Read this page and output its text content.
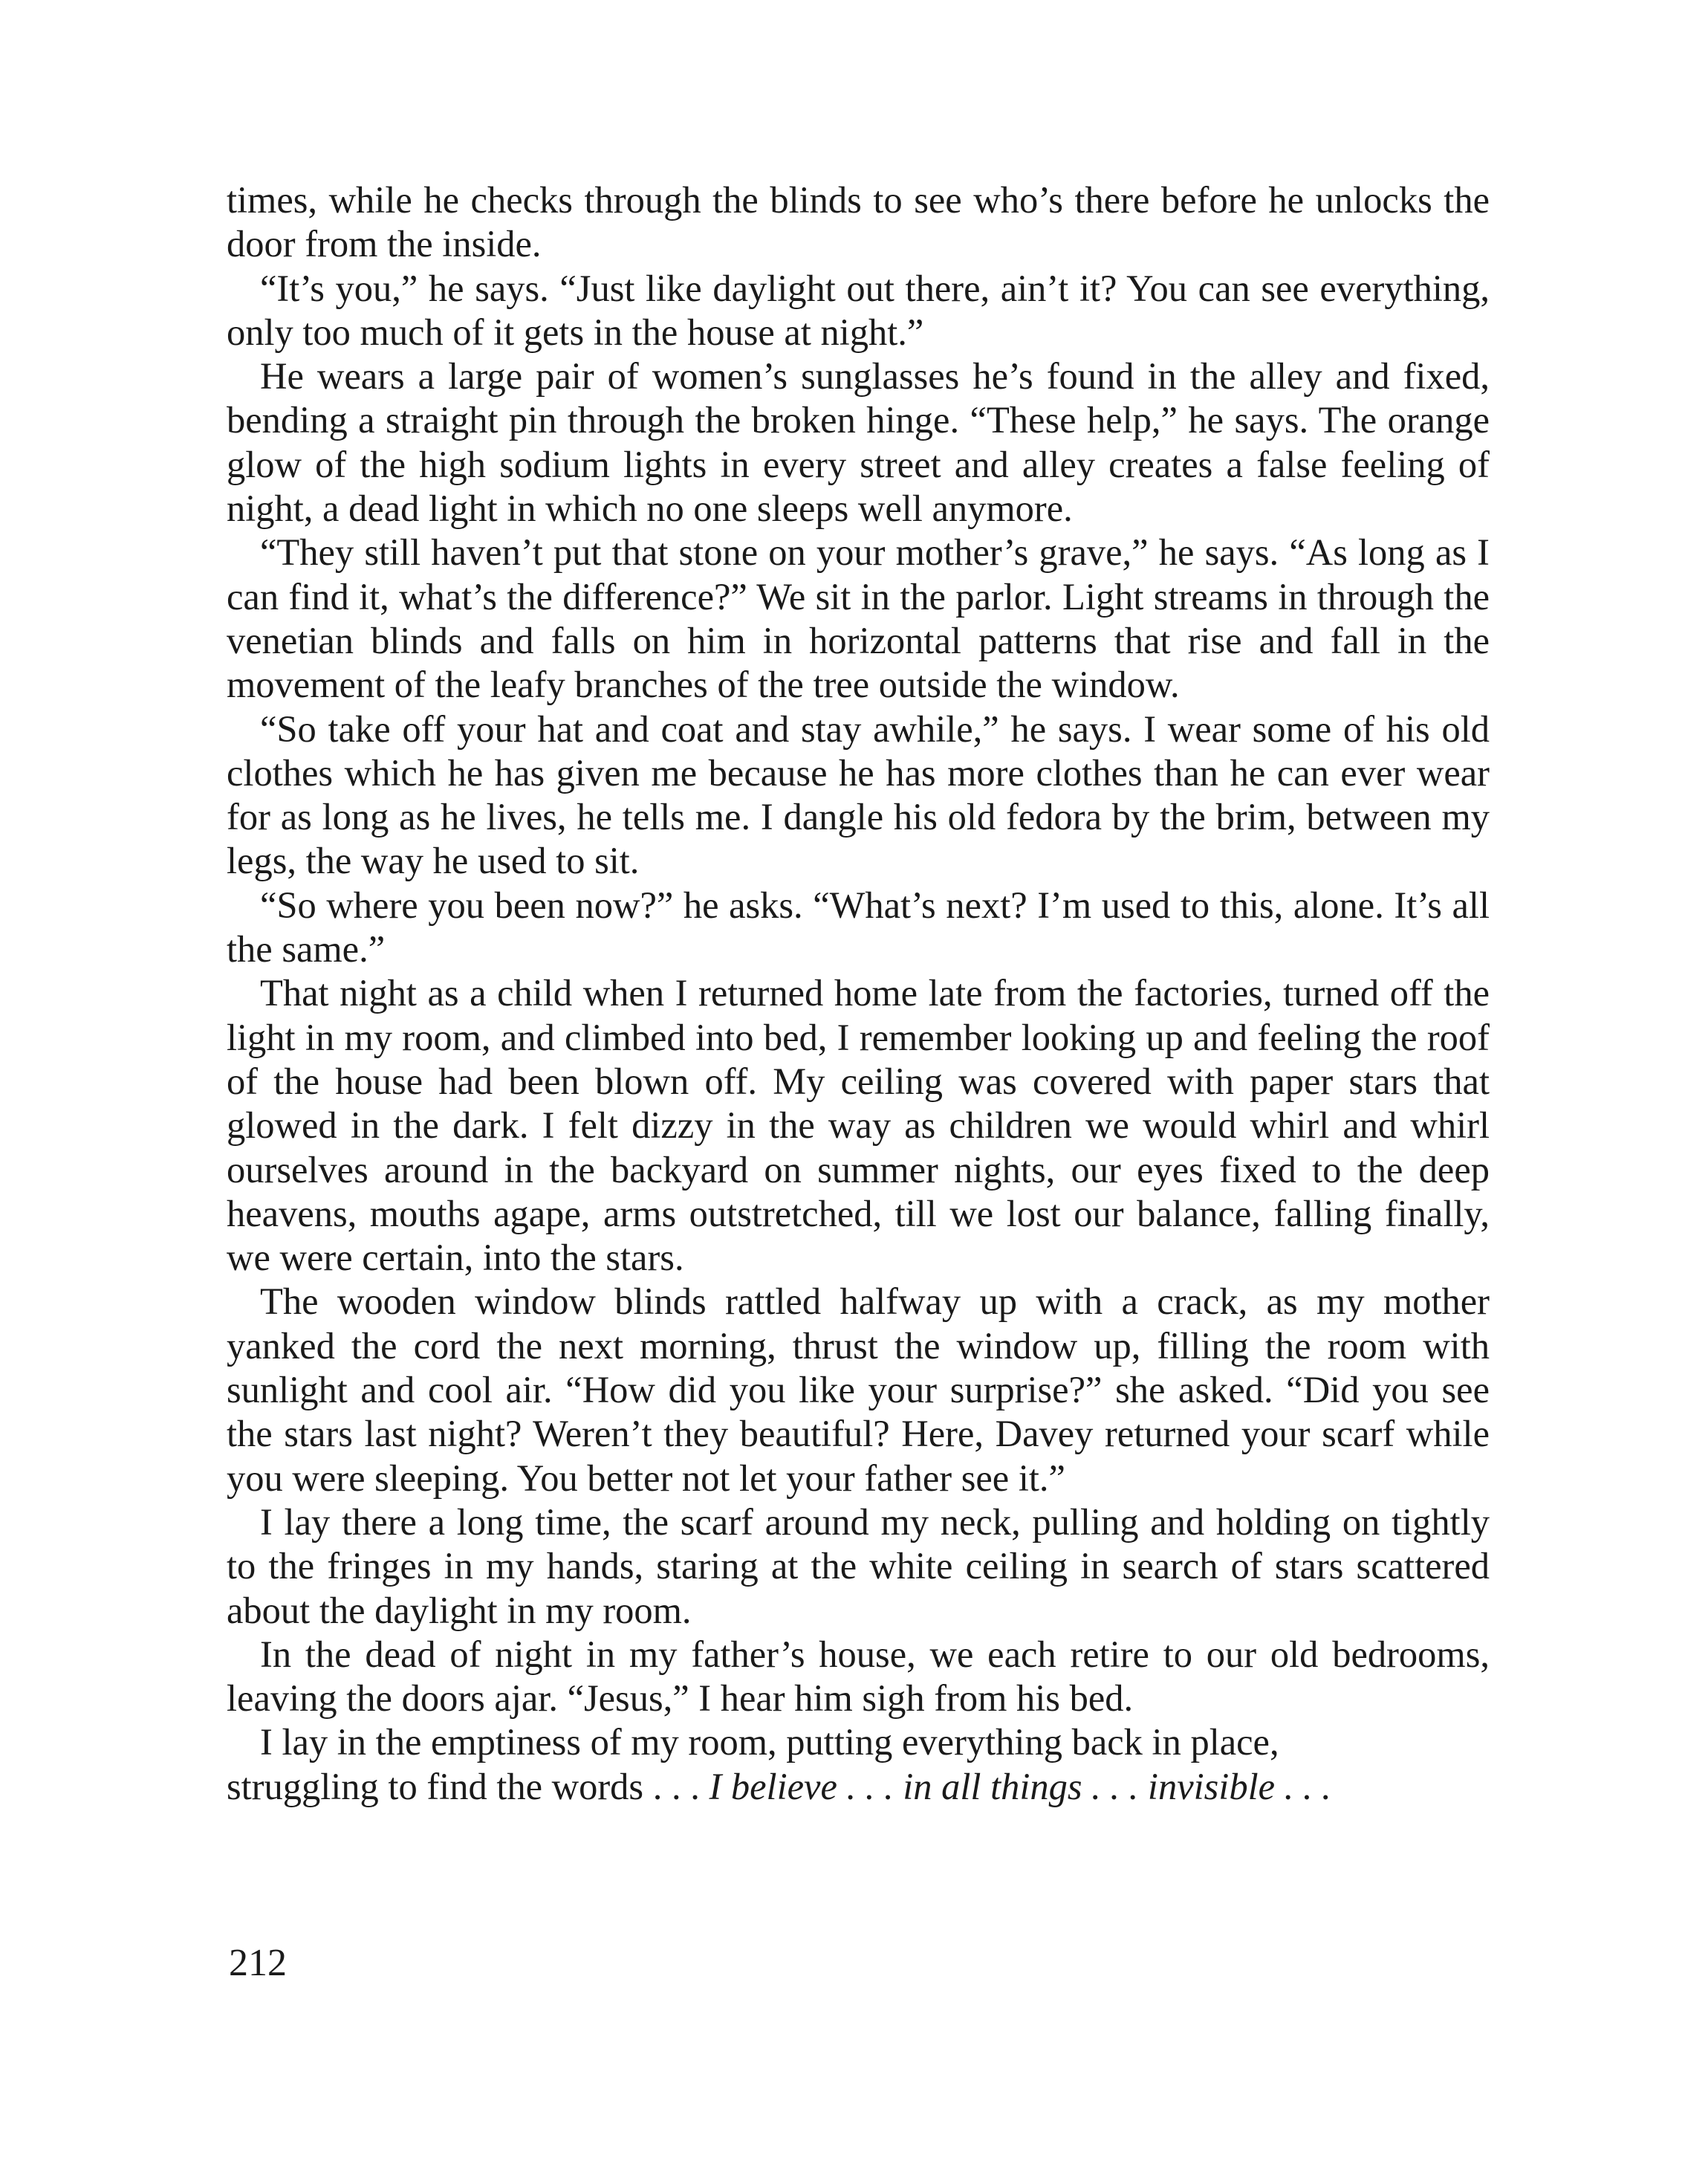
times, while he checks through the blinds to see who’s there before he unlocks the door from the inside.

“It’s you,” he says. “Just like daylight out there, ain’t it? You can see everything, only too much of it gets in the house at night.”

He wears a large pair of women’s sunglasses he’s found in the alley and fixed, bending a straight pin through the broken hinge. “These help,” he says. The orange glow of the high sodium lights in every street and alley creates a false feeling of night, a dead light in which no one sleeps well anymore.

“They still haven’t put that stone on your mother’s grave,” he says. “As long as I can find it, what’s the difference?” We sit in the parlor. Light streams in through the venetian blinds and falls on him in horizontal patterns that rise and fall in the movement of the leafy branches of the tree outside the window.

“So take off your hat and coat and stay awhile,” he says. I wear some of his old clothes which he has given me because he has more clothes than he can ever wear for as long as he lives, he tells me. I dangle his old fedora by the brim, between my legs, the way he used to sit.

“So where you been now?” he asks. “What’s next? I’m used to this, alone. It’s all the same.”

That night as a child when I returned home late from the factories, turned off the light in my room, and climbed into bed, I remember looking up and feeling the roof of the house had been blown off. My ceiling was covered with paper stars that glowed in the dark. I felt dizzy in the way as children we would whirl and whirl ourselves around in the backyard on summer nights, our eyes fixed to the deep heavens, mouths agape, arms outstretched, till we lost our balance, falling finally, we were certain, into the stars.

The wooden window blinds rattled halfway up with a crack, as my mother yanked the cord the next morning, thrust the window up, filling the room with sunlight and cool air. “How did you like your surprise?” she asked. “Did you see the stars last night? Weren’t they beautiful? Here, Davey returned your scarf while you were sleeping. You better not let your father see it.”

I lay there a long time, the scarf around my neck, pulling and holding on tightly to the fringes in my hands, staring at the white ceiling in search of stars scattered about the daylight in my room.

In the dead of night in my father’s house, we each retire to our old bedrooms, leaving the doors ajar. “Jesus,” I hear him sigh from his bed.

I lay in the emptiness of my room, putting everything back in place,
struggling to find the words . . . I believe . . . in all things . . . invisible . . .

212
